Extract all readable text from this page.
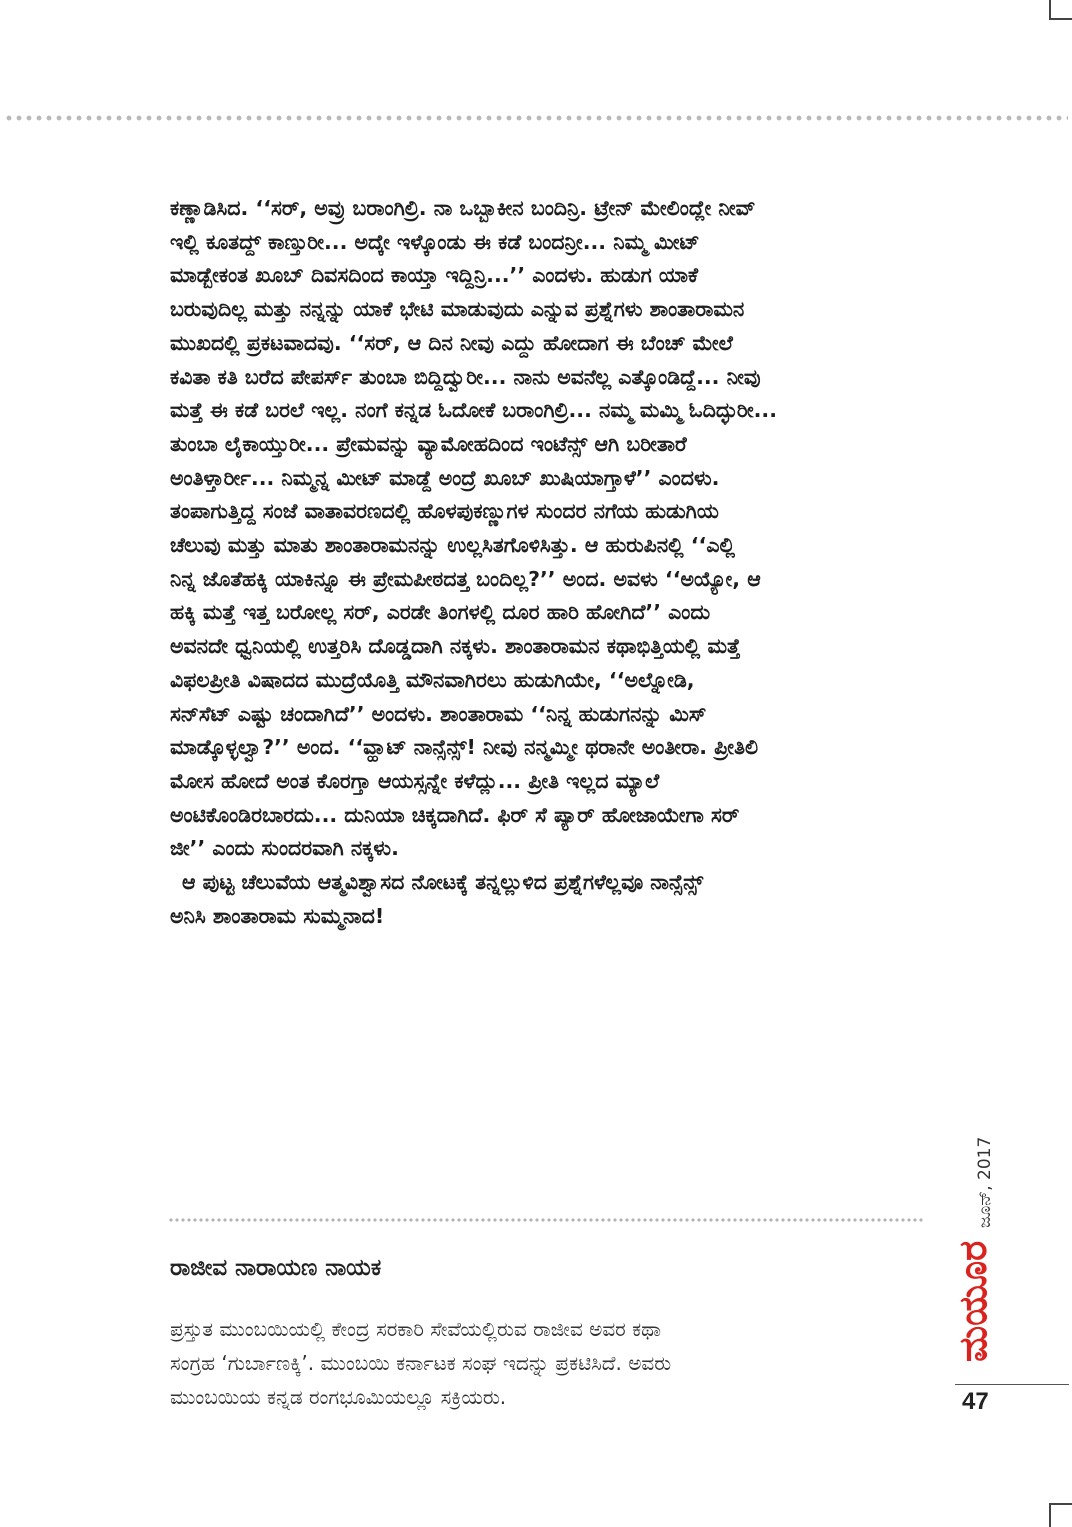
ಕಣ್ಣಾಡಿಸಿದ. ‘‘ಸರ್, ಅವ್ರು ಬರಾಂಗಿಲ್ರಿ. ನಾ ಒಬ್ಬಾಕೀನ ಬಂದಿನ್ರಿ. ಟ್ರೇನ್ ಮೇಲಿಂದ್ಲೇ ನೀವ್

ಇಲ್ಲಿ ಕೂತದ್ದ್ ಕಾಣ್ತುರೀ... ಅದ್ಕೇ ಇಳ್ಕೊಂಡು ಈ ಕಡೆ ಬಂದನ್ರೀ... ನಿಮ್ಮ ಮೀಟ್

ಮಾಡ್ಬೇಕಂತ ಖೂಬ್ ದಿವಸದಿಂದ ಕಾಯ್ತಾ ಇದ್ದಿನ್ರಿ...’’ ಎಂದಳು. ಹುಡುಗ ಯಾಕೆ

ಬರುವುದಿಲ್ಲ ಮತ್ತು ನನ್ನನ್ನು ಯಾಕೆ ಭೇಟಿ ಮಾಡುವುದು ಎನ್ನುವ ಪ್ರಶ್ನೆಗಳು ಶಾಂತಾರಾಮನ

ಮುಖದಲ್ಲಿ ಪ್ರಕಟವಾದವು. ‘‘ಸರ್, ಆ ದಿನ ನೀವು ಎದ್ದು ಹೋದಾಗ ಈ ಬೆಂಚ್ ಮೇಲೆ

ಕವಿತಾ ಕತಿ ಬರೆದ ಪೇಪರ್ಸ್ ತುಂಬಾ ಬಿದ್ದಿದ್ವುರೀ... ನಾನು ಅವನೆಲ್ಲ ಎತ್ಕೊಂಡಿದ್ದೆ... ನೀವು

ಮತ್ತೆ ಈ ಕಡೆ ಬರಲೆ ಇಲ್ಲ. ನಂಗೆ ಕನ್ನಡ ಓದೋಕೆ ಬರಾಂಗಿಲ್ರಿ... ನಮ್ಮ ಮಮ್ಮಿ ಓದಿದ್ಳುರೀ...

ತುಂಬಾ ಲೈಕಾಯ್ತುರೀ... ಪ್ರೇಮವನ್ನು ವ್ಯಾಮೋಹದಿಂದ ಇಂಟೆನ್ಸ್ ಆಗಿ ಬರೀತಾರೆ

ಅಂತಿಳ್ತಾರ್ರೀ... ನಿಮ್ಮನ್ನ ಮೀಟ್ ಮಾಡ್ದೆ ಅಂದ್ರೆ ಖೂಬ್ ಖುಷಿಯಾಗ್ತಾಳೆ’’ ಎಂದಳು.

ತಂಪಾಗುತ್ತಿದ್ದ ಸಂಜೆ ವಾತಾವರಣದಲ್ಲಿ ಹೊಳಪುಕಣ್ಣುಗಳ ಸುಂದರ ನಗೆಯ ಹುಡುಗಿಯ

ಚೆಲುವು ಮತ್ತು ಮಾತು ಶಾಂತಾರಾಮನನ್ನು ಉಲ್ಲಸಿತಗೊಳಿಸಿತ್ತು. ಆ ಹುರುಪಿನಲ್ಲಿ ‘‘ಎಲ್ಲಿ

ನಿನ್ನ ಜೊತೆಹಕ್ಕಿ ಯಾಕಿನ್ನೂ ಈ ಪ್ರೇಮಪೀಠದತ್ತ ಬಂದಿಲ್ಲ?’’ ಅಂದ. ಅವಳು ‘‘ಅಯ್ಯೋ, ಆ

ಹಕ್ಕಿ ಮತ್ತೆ ಇತ್ತ ಬರೋಲ್ಲ ಸರ್, ಎರಡೇ ತಿಂಗಳಲ್ಲಿ ದೂರ ಹಾರಿ ಹೋಗಿದೆ’’ ಎಂದು

ಅವನದೇ ಧ್ವನಿಯಲ್ಲಿ ಉತ್ತರಿಸಿ ದೊಡ್ಡದಾಗಿ ನಕ್ಕಳು. ಶಾಂತಾರಾಮನ ಕಥಾಭಿತ್ತಿಯಲ್ಲಿ ಮತ್ತೆ

ವಿಫಲಪ್ರೀತಿ ವಿಷಾದದ ಮುದ್ರೆಯೊತ್ತಿ ಮೌನವಾಗಿರಲು ಹುಡುಗಿಯೇ, ‘‘ಅಲ್ನೋಡಿ,

ಸನ್‌ಸೆಟ್ ಎಷ್ಟು ಚಂದಾಗಿದೆ’’ ಅಂದಳು. ಶಾಂತಾರಾಮ ‘‘ನಿನ್ನ ಹುಡುಗನನ್ನು ಮಿಸ್

ಮಾಡ್ಕೊಳ್ಳಲ್ವಾ?’’ ಅಂದ. ‘‘ವ್ಹಾಟ್ ನಾನ್ಸೆನ್ಸ್! ನೀವು ನನ್ಮಮ್ಮೀ ಥರಾನೇ ಅಂತೀರಾ. ಪ್ರೀತಿಲಿ

ಮೋಸ ಹೋದೆ ಅಂತ ಕೊರಗ್ತಾ ಆಯಸ್ಸನ್ನೇ ಕಳೆದ್ಲು... ಪ್ರೀತಿ ಇಲ್ಲದ ಮ್ಯಾಲೆ

ಅಂಟಿಕೊಂಡಿರಬಾರದು... ದುನಿಯಾ ಚಿಕ್ಕದಾಗಿದೆ. ಫಿರ್ ಸೆ ಪ್ಯಾರ್ ಹೋಜಾಯೇಗಾ ಸರ್

ಜೀ’’ ಎಂದು ಸುಂದರವಾಗಿ ನಕ್ಕಳು.

ಆ ಪುಟ್ಟ ಚೆಲುವೆಯ ಆತ್ಮವಿಶ್ವಾಸದ ನೋಟಕ್ಕೆ ತನ್ನಲ್ಲುಳಿದ ಪ್ರಶ್ನೆಗಳೆಲ್ಲವೂ ನಾನ್ಸೆನ್ಸ್

ಅನಿಸಿ ಶಾಂತಾರಾಮ ಸುಮ್ಮನಾದ!

ರಾಜೀವ ನಾರಾಯಣ ನಾಯಕ

ಪ್ರಸ್ತುತ ಮುಂಬಯಿಯಲ್ಲಿ ಕೇಂದ್ರ ಸರಕಾರಿ ಸೇವೆಯಲ್ಲಿರುವ ರಾಜೀವ ಅವರ ಕಥಾ

ಸಂಗ್ರಹ ‘ಗುರ್ಬಾಣಕ್ಕಿ’. ಮುಂಬಯಿ ಕರ್ನಾಟಕ ಸಂಘ ಇದನ್ನು ಪ್ರಕಟಿಸಿದೆ. ಅವರು

ಮುಂಬಯಿಯ ಕನ್ನಡ ರಂಗಭೂಮಿಯಲ್ಲೂ ಸಕ್ರಿಯರು.

ಜೂನ್, 2017
ಮಯೂರ
47
